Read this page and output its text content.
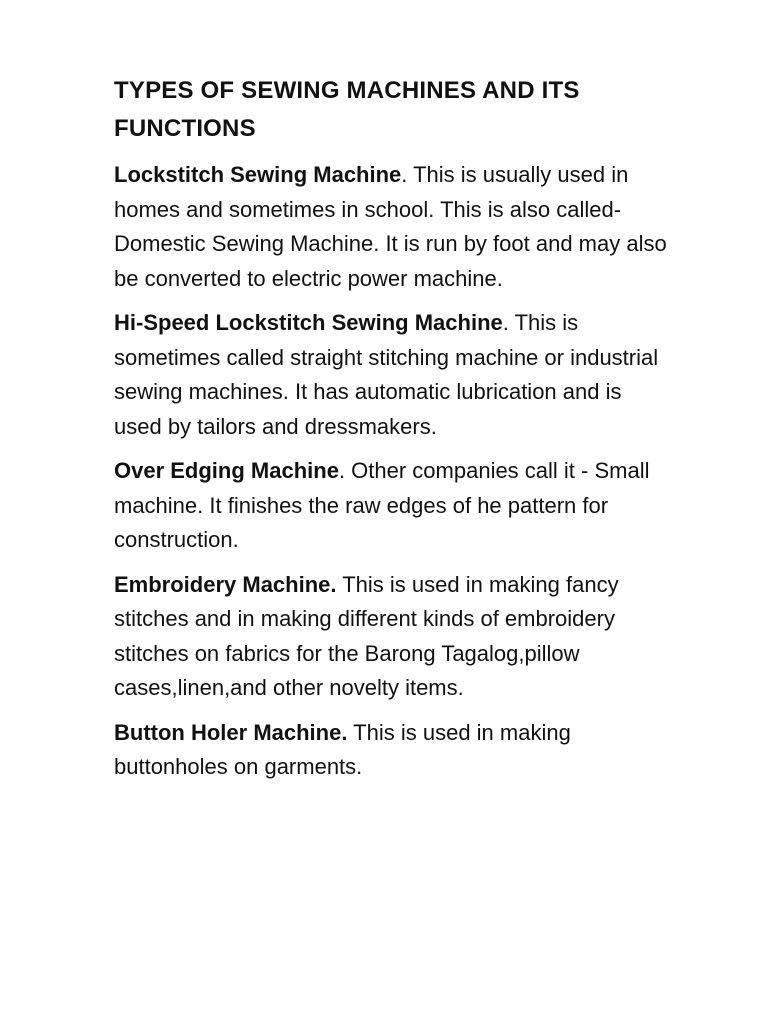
TYPES OF SEWING MACHINES AND ITS FUNCTIONS

Lockstitch Sewing Machine. This is usually used in homes and sometimes in school. This is also called- Domestic Sewing Machine. It is run by foot and may also be converted to electric power machine.

Hi-Speed Lockstitch Sewing Machine. This is sometimes called straight stitching machine or industrial sewing machines. It has automatic lubrication and is used by tailors and dressmakers.

Over Edging Machine. Other companies call it - Small machine. It finishes the raw edges of he pattern for construction.

Embroidery Machine. This is used in making fancy stitches and in making different kinds of embroidery stitches on fabrics for the Barong Tagalog,pillow cases,linen,and other novelty items.

Button Holer Machine. This is used in making buttonholes on garments.
